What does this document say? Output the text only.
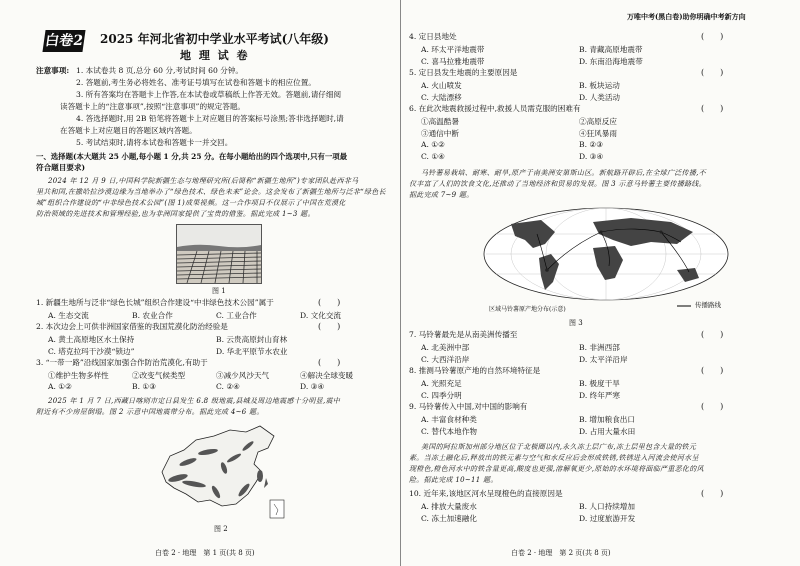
白卷2 2025 年河北省初中学业水平考试(八年级)
地 理 试 卷
注意事项: 1. 本试卷共 8 页,总分 60 分,考试时间 60 分钟。
2. 答题前,考生务必将姓名、准考证号填写在试卷和答题卡的相应位置。
3. 所有答案均在答题卡上作答,在本试卷或草稿纸上作答无效。答题前,请仔细阅
读答题卡上的“注意事项”,按照“注意事项”的规定答题。
4. 答选择题时,用 2B 铅笔将答题卡上对应题目的答案标号涂黑;答非选择题时,请
在答题卡上对应题目的答题区域内答题。
5. 考试结束时,请将本试卷和答题卡一并交回。
一、选择题(本大题共 25 小题,每小题 1 分,共 25 分。在每小题给出的四个选项中,只有一项最
符合题目要求)
2024 年 12 月 9 日,中国科学院新疆生态与地理研究所(后简称“新疆生地所”)专家团队赴西非马
里共和国,在撒哈拉沙漠边缘为当地举办了“绿色技术、绿色未来”论会。这会发布了新疆生地所与泛非“绿色长
城”组织合作建设的“中非绿色技术公园”(图 1)成果视频。这一合作项目不仅展示了中国在荒漠化
防治领域的先进技术和管理经验,也为非洲国家提供了宝贵的借鉴。据此完成 1~3 题。
图 1
1. 新疆生地所与泛非“绿色长城”组织合作建设“中非绿色技术公园”属于	(　　)
A. 生态交流	B. 农业合作	C. 工业合作	D. 文化交流
2. 本次边会上可供非洲国家借鉴的我国荒漠化防治经验是	(　　)
A. 黄土高原地区水土保持	B. 云贵高原封山育林
C. 塔克拉玛干沙漠“锁边”	D. 华北平原节水农业
3. “一带一路”沿线国家加强合作防治荒漠化,有助于	(　　)
①维护生物多样性	②改变气候类型	③减少风沙天气	④解决全球变暖
A. ①②	B. ①③	C. ②④	D. ③④
2025 年 1 月 7 日,西藏日喀则市定日县发生 6.8 级地震,县城及周边地震感十分明显,震中
附近有不少房屋倒塌。图 2 示意中国地震带分布。据此完成 4~6 题。
图 2
白卷 2 · 地理　第 1 页(共 8 页)
万唯中考(黑白卷)助你明确中考新方向
4. 定日县地处	(　　)
A. 环太平洋地震带	B. 青藏高原地震带
C. 喜马拉雅地震带	D. 东南沿海地震带
5. 定日县发生地震的主要原因是	(　　)
A. 火山喷发	B. 板块运动
C. 大陆漂移	D. 人类活动
6. 在此次地震救援过程中,救援人员需克服的困难有	(　　)
①高温酷暑	②高原反应
③通信中断	④狂风暴雨
A. ①②	B. ②③
C. ①④	D. ③④
马铃薯易栽培、耐寒、耐旱,原产于南美洲安第斯山区。新航路开辟后,在全球广泛传播,不
仅丰富了人们的饮食文化,还推动了当地经济和贸易的发展。图 3 示意马铃薯主要传播路线。
据此完成 7~9 题。
区域马铃薯原产地分布(示意)
传播路线
图 3
7. 马铃薯最先是从南美洲传播至	(　　)
A. 北美洲中部	B. 非洲西部
C. 大西洋沿岸	D. 太平洋沿岸
8. 推测马铃薯原产地的自然环境特征是	(　　)
A. 光照充足	B. 极度干旱
C. 四季分明	D. 终年严寒
9. 马铃薯传入中国,对中国的影响有	(　　)
A. 丰富食材种类	B. 增加粮食出口
C. 替代本地作物	D. 占用大量水田
美国的阿拉斯加州部分地区位于北极圈以内,永久冻土层广布,冻土层里包含大量的铁元
素。当冻土融化后,释放出的铁元素与空气和水反应后会形成铁锈,铁锈进入河流会使河水呈
现橙色,橙色河水中的铁含量更高,酸度也更强,溶解氧更少,原始的水环境将面临严重恶化的风
险。据此完成 10~11 题。
10. 近年来,该地区河水呈现橙色的直接原因是	(　　)
A. 排放大量废水	B. 人口持续增加
C. 冻土加速融化	D. 过度旅游开发
白卷 2 · 地理　第 2 页(共 8 页)
